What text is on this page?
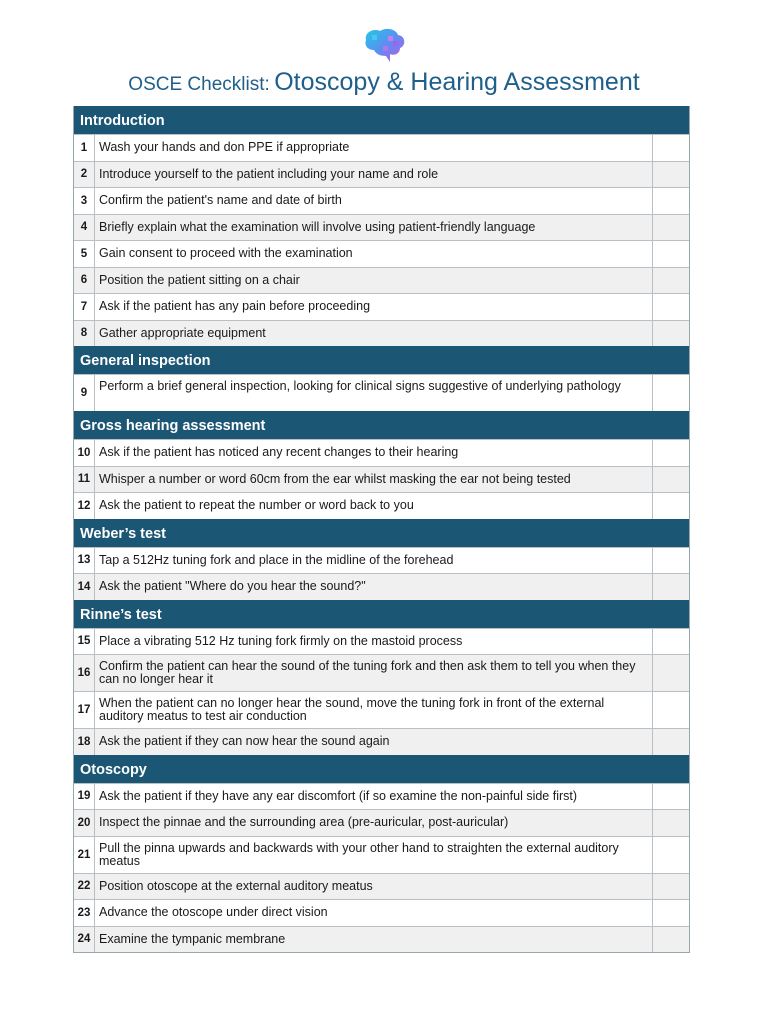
OSCE Checklist: Otoscopy & Hearing Assessment
Introduction
1 Wash your hands and don PPE if appropriate
2 Introduce yourself to the patient including your name and role
3 Confirm the patient's name and date of birth
4 Briefly explain what the examination will involve using patient-friendly language
5 Gain consent to proceed with the examination
6 Position the patient sitting on a chair
7 Ask if the patient has any pain before proceeding
8 Gather appropriate equipment
General inspection
9 Perform a brief general inspection, looking for clinical signs suggestive of underlying pathology
Gross hearing assessment
10 Ask if the patient has noticed any recent changes to their hearing
11 Whisper a number or word 60cm from the ear whilst masking the ear not being tested
12 Ask the patient to repeat the number or word back to you
Weber’s test
13 Tap a 512Hz tuning fork and place in the midline of the forehead
14 Ask the patient "Where do you hear the sound?"
Rinne’s test
15 Place a vibrating 512 Hz tuning fork firmly on the mastoid process
16 Confirm the patient can hear the sound of the tuning fork and then ask them to tell you when they can no longer hear it
17 When the patient can no longer hear the sound, move the tuning fork in front of the external auditory meatus to test air conduction
18 Ask the patient if they can now hear the sound again
Otoscopy
19 Ask the patient if they have any ear discomfort (if so examine the non-painful side first)
20 Inspect the pinnae and the surrounding area (pre-auricular, post-auricular)
21 Pull the pinna upwards and backwards with your other hand to straighten the external auditory meatus
22 Position otoscope at the external auditory meatus
23 Advance the otoscope under direct vision
24 Examine the tympanic membrane
